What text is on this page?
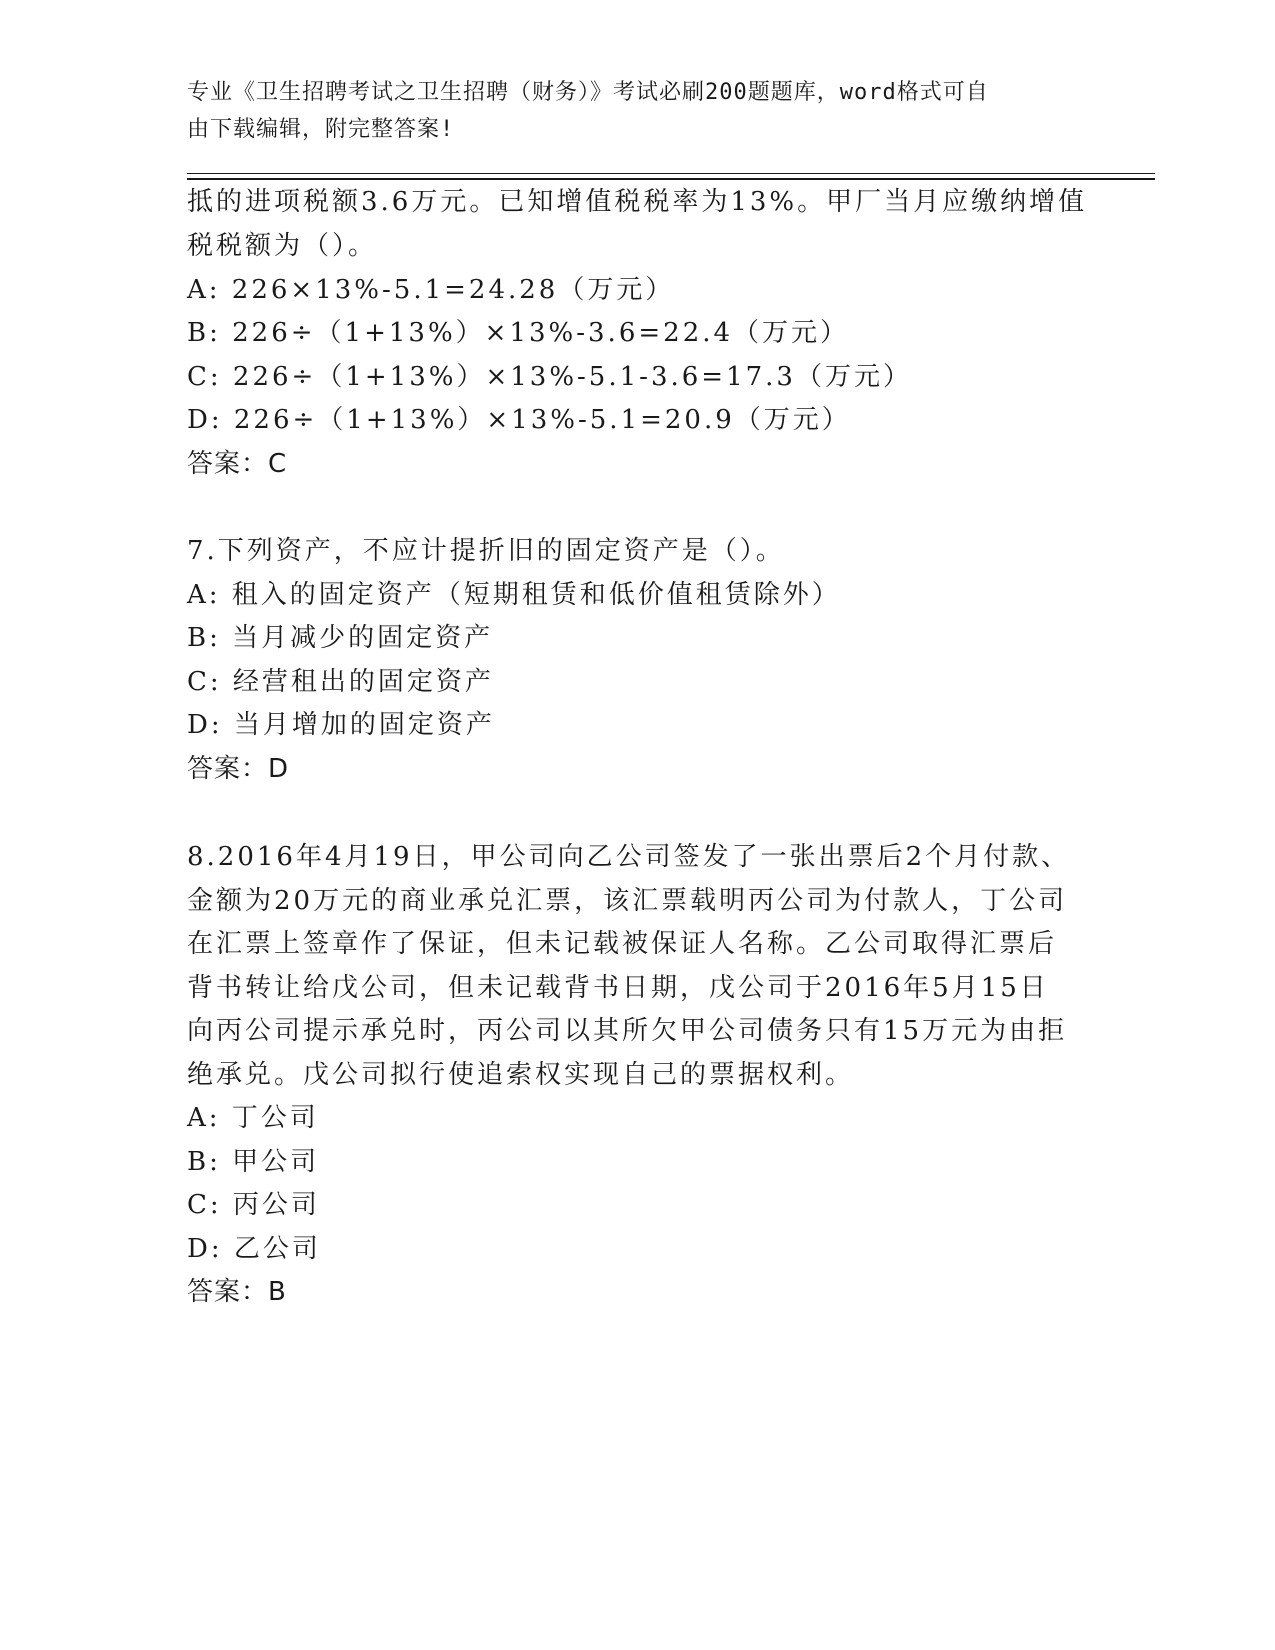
专业《卫生招聘考试之卫生招聘（财务）》考试必刷200题题库，word格式可自
由下载编辑，附完整答案!
抵的进项税额3.6万元。已知增值税税率为13%。甲厂当月应缴纳增值
税税额为（）。
A: 226×13%-5.1=24.28（万元）
B: 226÷（1+13%）×13%-3.6=22.4（万元）
C: 226÷（1+13%）×13%-5.1-3.6=17.3（万元）
D: 226÷（1+13%）×13%-5.1=20.9（万元）
答案：C
7.下列资产，不应计提折旧的固定资产是（）。
A: 租入的固定资产（短期租赁和低价值租赁除外）
B: 当月减少的固定资产
C: 经营租出的固定资产
D: 当月增加的固定资产
答案：D
8.2016年4月19日，甲公司向乙公司签发了一张出票后2个月付款、
金额为20万元的商业承兑汇票，该汇票载明丙公司为付款人，丁公司
在汇票上签章作了保证，但未记载被保证人名称。乙公司取得汇票后
背书转让给戊公司，但未记载背书日期，戊公司于2016年5月15日
向丙公司提示承兑时，丙公司以其所欠甲公司债务只有15万元为由拒
绝承兑。戊公司拟行使追索权实现自己的票据权利。
A: 丁公司
B: 甲公司
C: 丙公司
D: 乙公司
答案：B
